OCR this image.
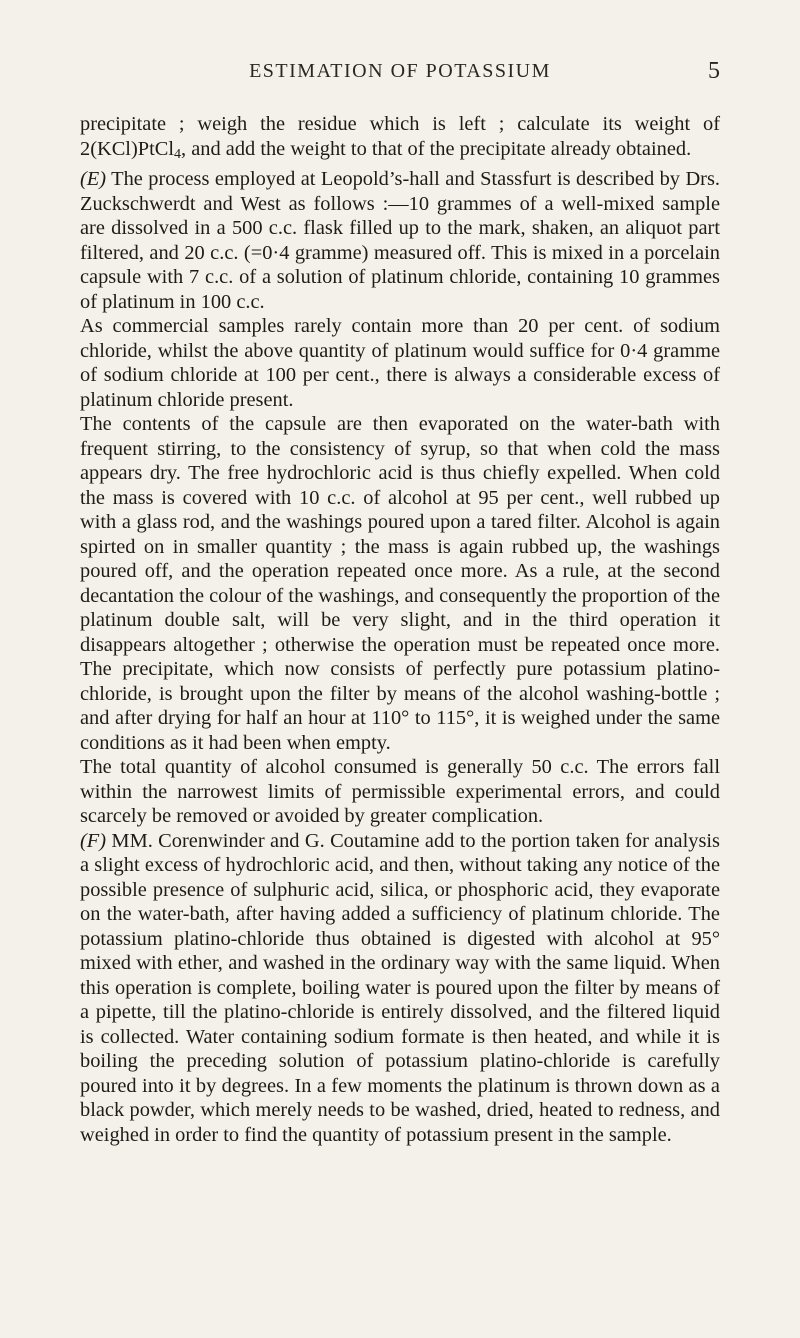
ESTIMATION OF POTASSIUM	5

precipitate ; weigh the residue which is left ; calculate its weight of 2(KCl)PtCl$_4$, and add the weight to that of the precipitate already obtained.

(E) The process employed at Leopold’s-hall and Stassfurt is described by Drs. Zuckschwerdt and West as follows :—10 grammes of a well-mixed sample are dissolved in a 500 c.c. flask filled up to the mark, shaken, an aliquot part filtered, and 20 c.c. (=0·4 gramme) measured off. This is mixed in a porcelain capsule with 7 c.c. of a solution of platinum chloride, containing 10 grammes of platinum in 100 c.c.

As commercial samples rarely contain more than 20 per cent. of sodium chloride, whilst the above quantity of platinum would suffice for 0·4 gramme of sodium chloride at 100 per cent., there is always a considerable excess of platinum chloride present.

The contents of the capsule are then evaporated on the water-bath with frequent stirring, to the consistency of syrup, so that when cold the mass appears dry. The free hydrochloric acid is thus chiefly expelled. When cold the mass is covered with 10 c.c. of alcohol at 95 per cent., well rubbed up with a glass rod, and the washings poured upon a tared filter. Alcohol is again spirted on in smaller quantity ; the mass is again rubbed up, the washings poured off, and the operation repeated once more. As a rule, at the second decantation the colour of the washings, and consequently the proportion of the platinum double salt, will be very slight, and in the third operation it disappears altogether ; otherwise the operation must be repeated once more. The precipitate, which now consists of perfectly pure potassium platino-chloride, is brought upon the filter by means of the alcohol washing-bottle ; and after drying for half an hour at 110° to 115°, it is weighed under the same conditions as it had been when empty.

The total quantity of alcohol consumed is generally 50 c.c. The errors fall within the narrowest limits of permissible experimental errors, and could scarcely be removed or avoided by greater complication.

(F) MM. Corenwinder and G. Coutamine add to the portion taken for analysis a slight excess of hydrochloric acid, and then, without taking any notice of the possible presence of sulphuric acid, silica, or phosphoric acid, they evaporate on the water-bath, after having added a sufficiency of platinum chloride. The potassium platino-chloride thus obtained is digested with alcohol at 95° mixed with ether, and washed in the ordinary way with the same liquid. When this operation is complete, boiling water is poured upon the filter by means of a pipette, till the platino-chloride is entirely dissolved, and the filtered liquid is collected. Water containing sodium formate is then heated, and while it is boiling the preceding solution of potassium platino-chloride is carefully poured into it by degrees. In a few moments the platinum is thrown down as a black powder, which merely needs to be washed, dried, heated to redness, and weighed in order to find the quantity of potassium present in the sample.
